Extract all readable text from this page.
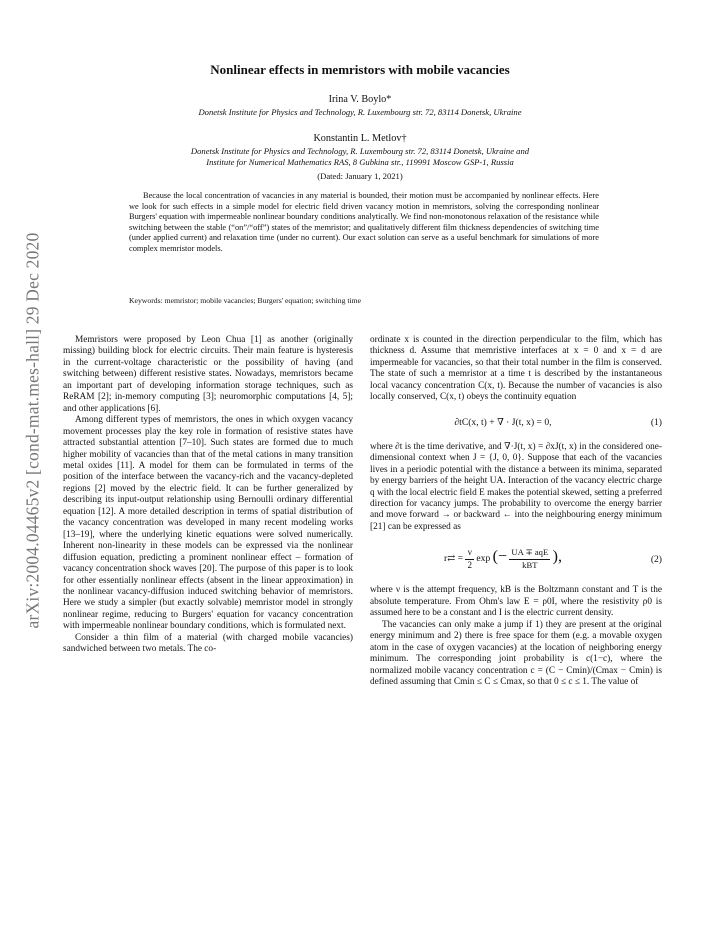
arXiv:2004.04465v2 [cond-mat.mes-hall] 29 Dec 2020
Nonlinear effects in memristors with mobile vacancies
Irina V. Boylo*
Donetsk Institute for Physics and Technology, R. Luxembourg str. 72, 83114 Donetsk, Ukraine
Konstantin L. Metlov†
Donetsk Institute for Physics and Technology, R. Luxembourg str. 72, 83114 Donetsk, Ukraine and
Institute for Numerical Mathematics RAS, 8 Gubkina str., 119991 Moscow GSP-1, Russia
(Dated: January 1, 2021)
Because the local concentration of vacancies in any material is bounded, their motion must be accompanied by nonlinear effects. Here we look for such effects in a simple model for electric field driven vacancy motion in memristors, solving the corresponding nonlinear Burgers' equation with impermeable nonlinear boundary conditions analytically. We find non-monotonous relaxation of the resistance while switching between the stable (“on”/“off”) states of the memristor; and qualitatively different film thickness dependencies of switching time (under applied current) and relaxation time (under no current). Our exact solution can serve as a useful benchmark for simulations of more complex memristor models.
Keywords: memristor; mobile vacancies; Burgers' equation; switching time

Memristors were proposed by Leon Chua [1] as another (originally missing) building block for electric circuits. Their main feature is hysteresis in the current-voltage characteristic or the possibility of having (and switching between) different resistive states. Nowadays, memristors became an important part of developing information storage techniques, such as ReRAM [2]; in-memory computing [3]; neuromorphic computations [4, 5]; and other applications [6].

Among different types of memristors, the ones in which oxygen vacancy movement processes play the key role in formation of resistive states have attracted substantial attention [7–10]. Such states are formed due to much higher mobility of vacancies than that of the metal cations in many transition metal oxides [11]. A model for them can be formulated in terms of the position of the interface between the vacancy-rich and the vacancy-depleted regions [2] moved by the electric field. It can be further generalized by describing its input-output relationship using Bernoulli ordinary differential equation [12]. A more detailed description in terms of spatial distribution of the vacancy concentration was developed in many recent modeling works [13–19], where the underlying kinetic equations were solved numerically. Inherent non-linearity in these models can be expressed via the nonlinear diffusion equation, predicting a prominent nonlinear effect – formation of vacancy concentration shock waves [20]. The purpose of this paper is to look for other essentially nonlinear effects (absent in the linear approximation) in the nonlinear vacancy-diffusion induced switching behavior of memristors. Here we study a simpler (but exactly solvable) memristor model in strongly nonlinear regime, reducing to Burgers' equation for vacancy concentration with impermeable nonlinear boundary conditions, which is formulated next.

Consider a thin film of a material (with charged mobile vacancies) sandwiched between two metals. The co-

ordinate x is counted in the direction perpendicular to the film, which has thickness d. Assume that memristive interfaces at x = 0 and x = d are impermeable for vacancies, so that their total number in the film is conserved. The state of such a memristor at a time t is described by the instantaneous local vacancy concentration C(x, t). Because the number of vacancies is also locally conserved, C(x, t) obeys the continuity equation

∂tC(x, t) + ∇ · J(t, x) = 0,	(1)

where ∂t is the time derivative, and ∇·J(t, x) = ∂xJ(t, x) in the considered one-dimensional context when J = {J, 0, 0}. Suppose that each of the vacancies lives in a periodic potential with the distance a between its minima, separated by energy barriers of the height UA. Interaction of the vacancy electric charge q with the local electric field E makes the potential skewed, setting a preferred direction for vacancy jumps. The probability to overcome the energy barrier and move forward → or backward ← into the neighbouring energy minimum [21] can be expressed as

r⇄ = $\frac{\nu}{2}$ exp (− UA ∓ aqE
kBT ),	(2)

where ν is the attempt frequency, kB is the Boltzmann constant and T is the absolute temperature. From Ohm's law E = ρ0I, where the resistivity ρ0 is assumed here to be a constant and I is the electric current density.

The vacancies can only make a jump if 1) they are present at the original energy minimum and 2) there is free space for them (e.g. a movable oxygen atom in the case of oxygen vacancies) at the location of neighboring energy minimum. The corresponding joint probability is c(1−c), where the normalized mobile vacancy concentration c = (C − Cmin)/(Cmax − Cmin) is defined assuming that Cmin ≤ C ≤ Cmax, so that 0 ≤ c ≤ 1. The value of
